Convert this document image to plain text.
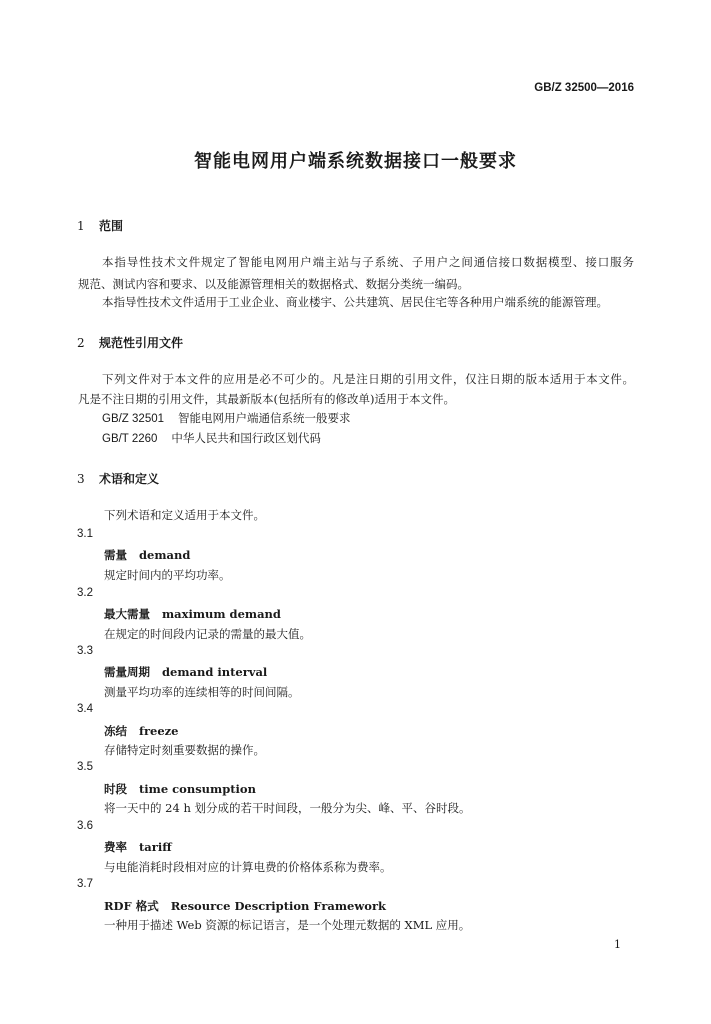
GB/Z 32500—2016
智能电网用户端系统数据接口一般要求
1 范围
本指导性技术文件规定了智能电网用户端主站与子系统、子用户之间通信接口数据模型、接口服务
规范、测试内容和要求、以及能源管理相关的数据格式、数据分类统一编码。
本指导性技术文件适用于工业企业、商业楼宇、公共建筑、居民住宅等各种用户端系统的能源管理。
2 规范性引用文件
下列文件对于本文件的应用是必不可少的。凡是注日期的引用文件，仅注日期的版本适用于本文件。
凡是不注日期的引用文件，其最新版本(包括所有的修改单)适用于本文件。
GB/Z 32501 智能电网用户端通信系统一般要求
GB/T 2260 中华人民共和国行政区划代码
3 术语和定义
下列术语和定义适用于本文件。
3.1
需量 demand
规定时间内的平均功率。
3.2
最大需量 maximum demand
在规定的时间段内记录的需量的最大值。
3.3
需量周期 demand interval
测量平均功率的连续相等的时间间隔。
3.4
冻结 freeze
存储特定时刻重要数据的操作。
3.5
时段 time consumption
将一天中的 24 h 划分成的若干时间段，一般分为尖、峰、平、谷时段。
3.6
费率 tariff
与电能消耗时段相对应的计算电费的价格体系称为费率。
3.7
RDF 格式 Resource Description Framework
一种用于描述 Web 资源的标记语言，是一个处理元数据的 XML 应用。
1
